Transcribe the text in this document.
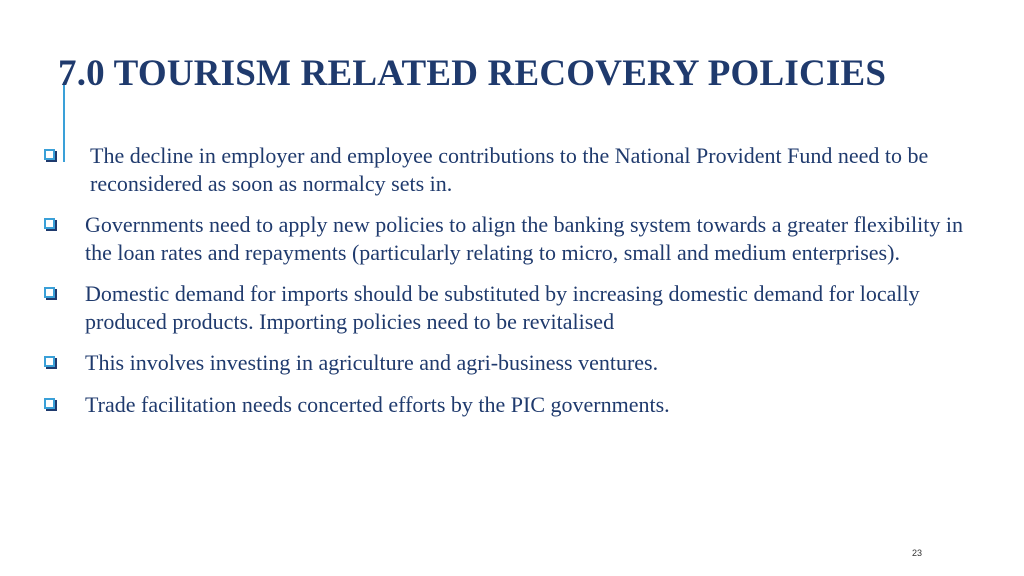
7.0 TOURISM RELATED RECOVERY POLICIES
The decline in employer and employee contributions to the National Provident Fund need to be reconsidered as soon as normalcy sets in.
Governments need to apply new policies to align the banking system towards a greater flexibility in the loan rates and repayments (particularly relating to micro, small and medium enterprises).
Domestic demand for imports should be substituted by increasing domestic demand for locally produced products. Importing policies need to be revitalised
This involves investing in agriculture and agri-business ventures.
Trade facilitation needs concerted efforts by the PIC governments.
23
